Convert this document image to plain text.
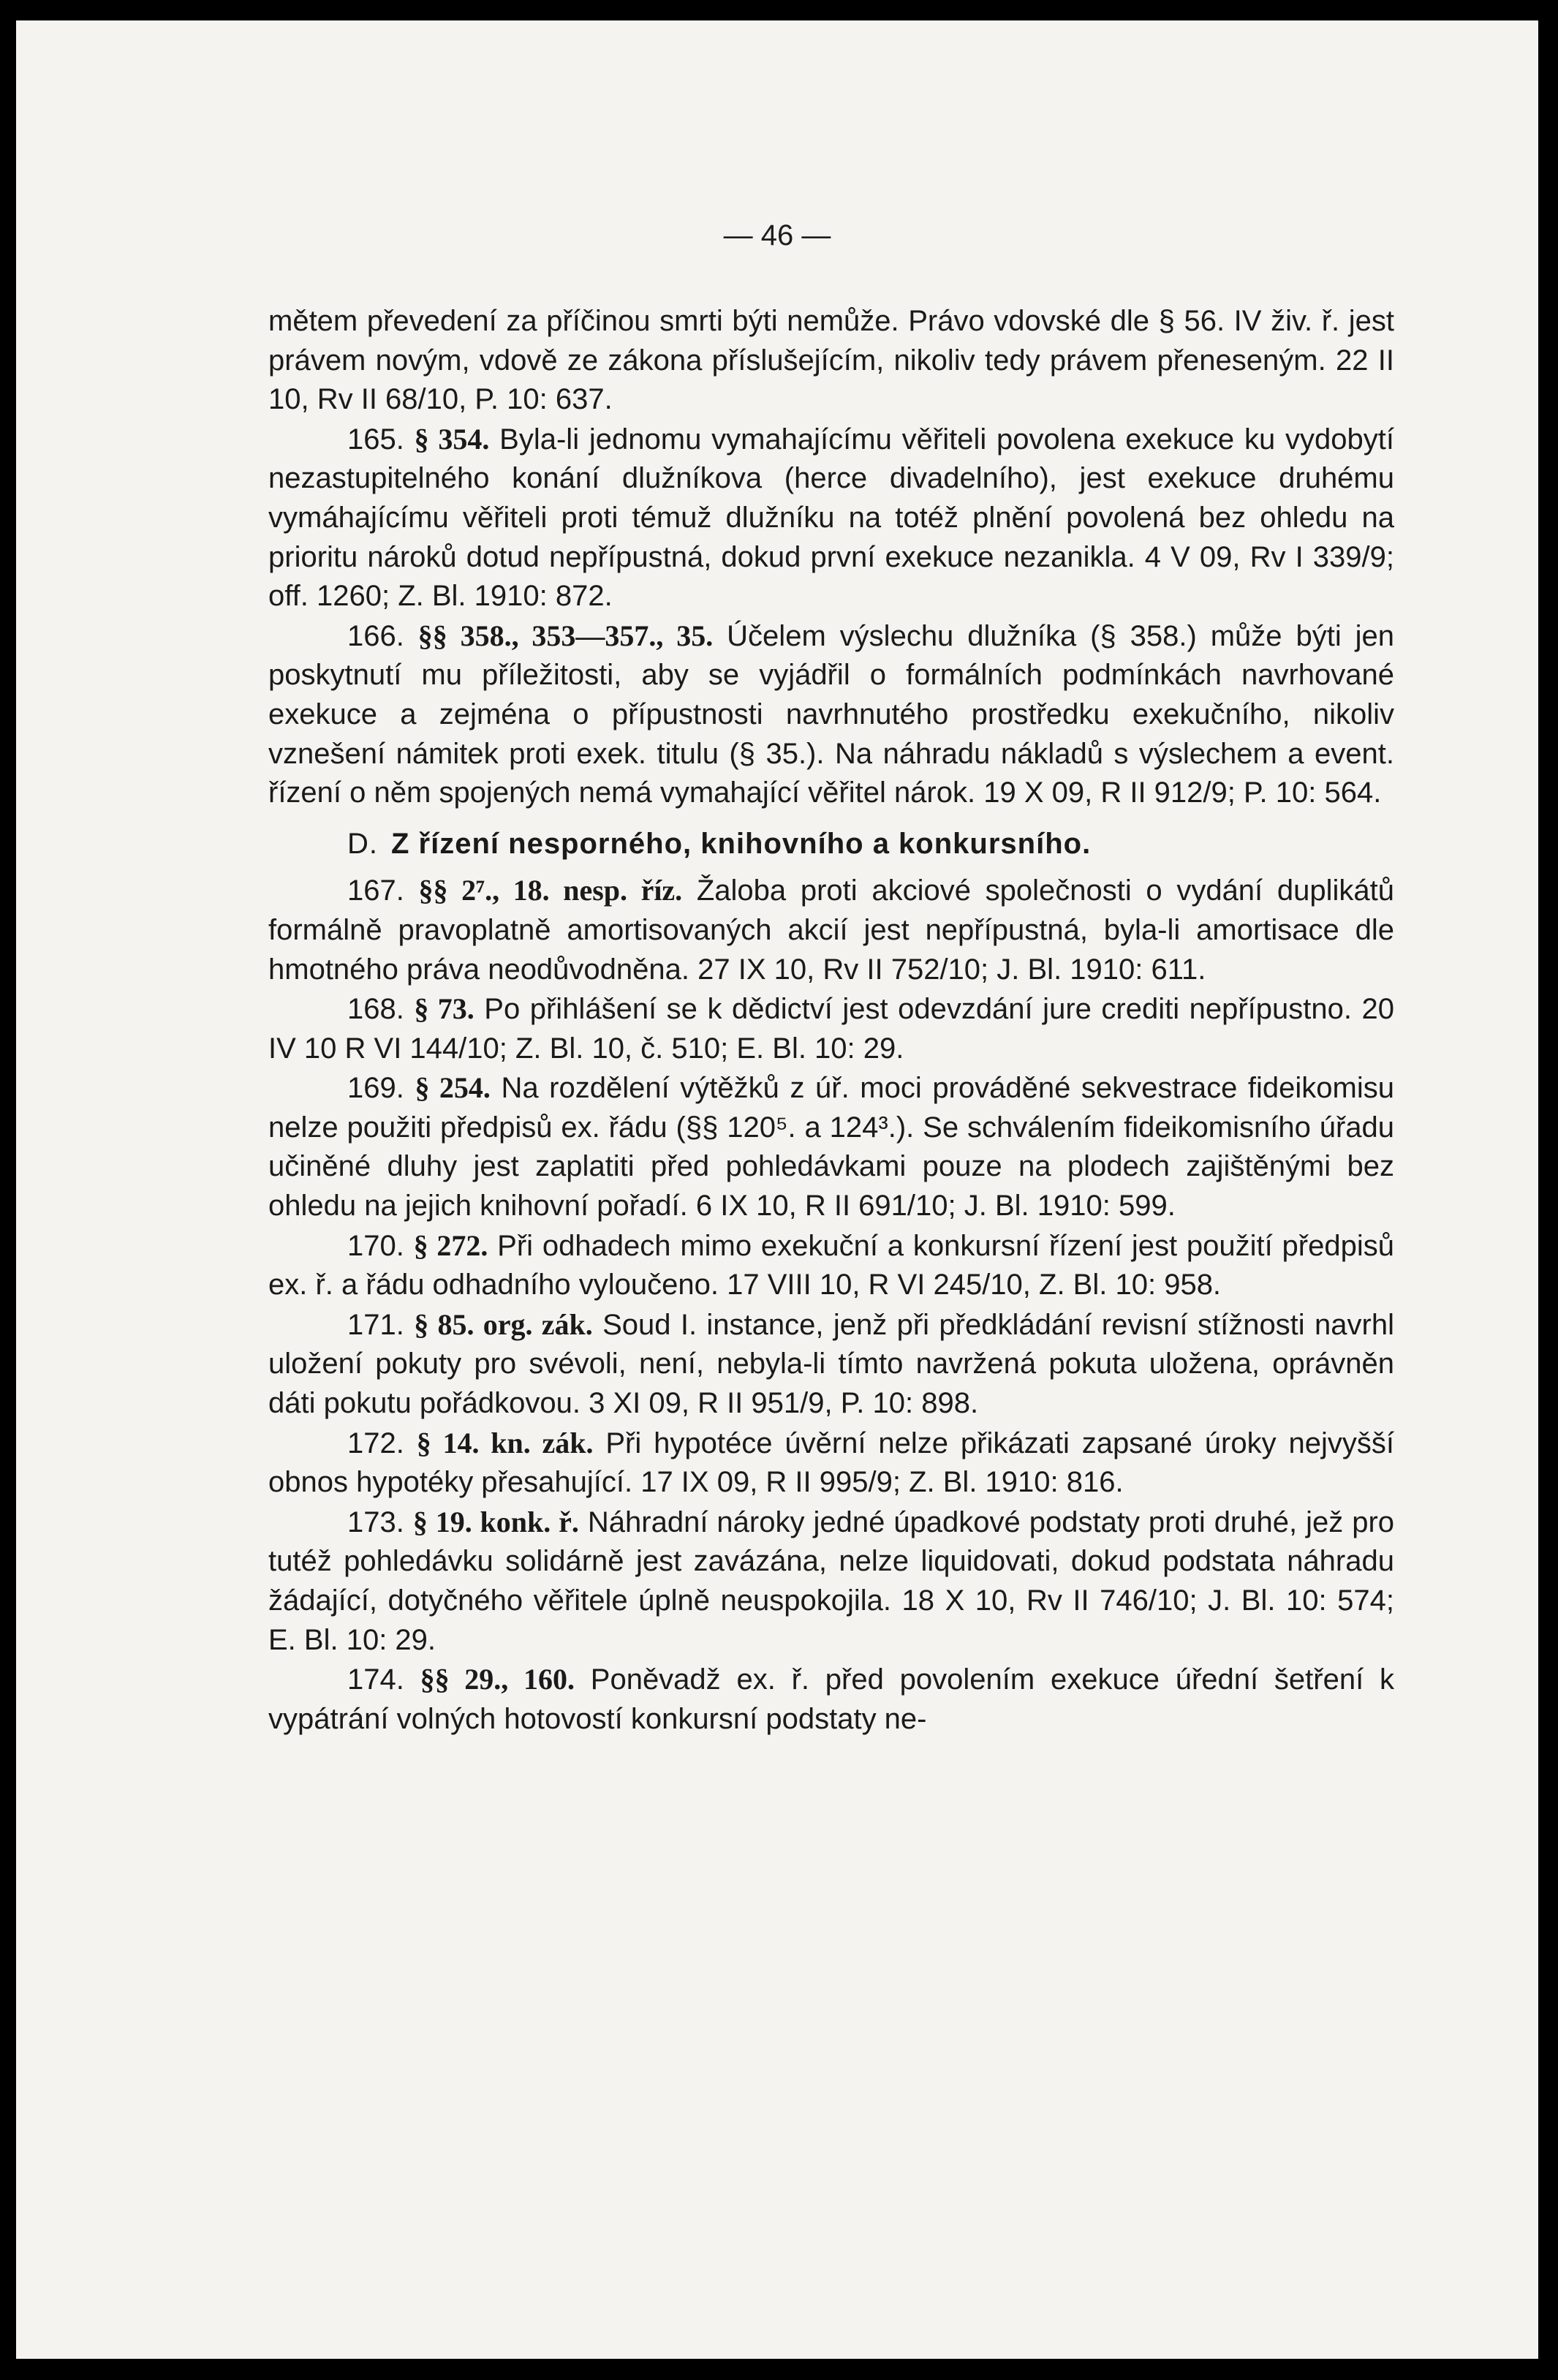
— 46 —

mětem převedení za příčinou smrti býti nemůže. Právo vdovské dle § 56. IV živ. ř. jest právem novým, vdově ze zákona příslušejícím, nikoliv tedy právem přeneseným. 22 II 10, Rv II 68/10, P. 10: 637.

165. § 354. Byla-li jednomu vymahajícímu věřiteli povolena exekuce ku vydobytí nezastupitelného konání dlužníkova (herce divadelního), jest exekuce druhému vymáhajícímu věřiteli proti témuž dlužníku na totéž plnění povolená bez ohledu na prioritu nároků dotud nepřípustná, dokud první exekuce nezanikla. 4 V 09, Rv I 339/9; off. 1260; Z. Bl. 1910: 872.

166. §§ 358., 353—357., 35. Účelem výslechu dlužníka (§ 358.) může býti jen poskytnutí mu příležitosti, aby se vyjádřil o formálních podmínkách navrhované exekuce a zejména o přípustnosti navrhnutého prostředku exekučního, nikoliv vznešení námitek proti exek. titulu (§ 35.). Na náhradu nákladů s výslechem a event. řízení o něm spojených nemá vymahající věřitel nárok. 19 X 09, R II 912/9; P. 10: 564.

D. Z řízení nesporného, knihovního a konkursního.

167. §§ 2⁷., 18. nesp. říz. Žaloba proti akciové společnosti o vydání duplikátů formálně pravoplatně amortisovaných akcií jest nepřípustná, byla-li amortisace dle hmotného práva neodůvodněna. 27 IX 10, Rv II 752/10; J. Bl. 1910: 611.

168. § 73. Po přihlášení se k dědictví jest odevzdání jure crediti nepřípustno. 20 IV 10 R VI 144/10; Z. Bl. 10, č. 510; E. Bl. 10: 29.

169. § 254. Na rozdělení výtěžků z úř. moci prováděné sekvestrace fideikomisu nelze použiti předpisů ex. řádu (§§ 120⁵. a 124³.). Se schválením fideikomisního úřadu učiněné dluhy jest zaplatiti před pohledávkami pouze na plodech zajištěnými bez ohledu na jejich knihovní pořadí. 6 IX 10, R II 691/10; J. Bl. 1910: 599.

170. § 272. Při odhadech mimo exekuční a konkursní řízení jest použití předpisů ex. ř. a řádu odhadního vyloučeno. 17 VIII 10, R VI 245/10, Z. Bl. 10: 958.

171. § 85. org. zák. Soud I. instance, jenž při předkládání revisní stížnosti navrhl uložení pokuty pro svévoli, není, nebyla-li tímto navržená pokuta uložena, oprávněn dáti pokutu pořádkovou. 3 XI 09, R II 951/9, P. 10: 898.

172. § 14. kn. zák. Při hypotéce úvěrní nelze přikázati zapsané úroky nejvyšší obnos hypotéky přesahující. 17 IX 09, R II 995/9; Z. Bl. 1910: 816.

173. § 19. konk. ř. Náhradní nároky jedné úpadkové podstaty proti druhé, jež pro tutéž pohledávku solidárně jest zavázána, nelze liquidovati, dokud podstata náhradu žádající, dotyčného věřitele úplně neuspokojila. 18 X 10, Rv II 746/10; J. Bl. 10: 574; E. Bl. 10: 29.

174. §§ 29., 160. Poněvadž ex. ř. před povolením exekuce úřední šetření k vypátrání volných hotovostí konkursní podstaty ne-
